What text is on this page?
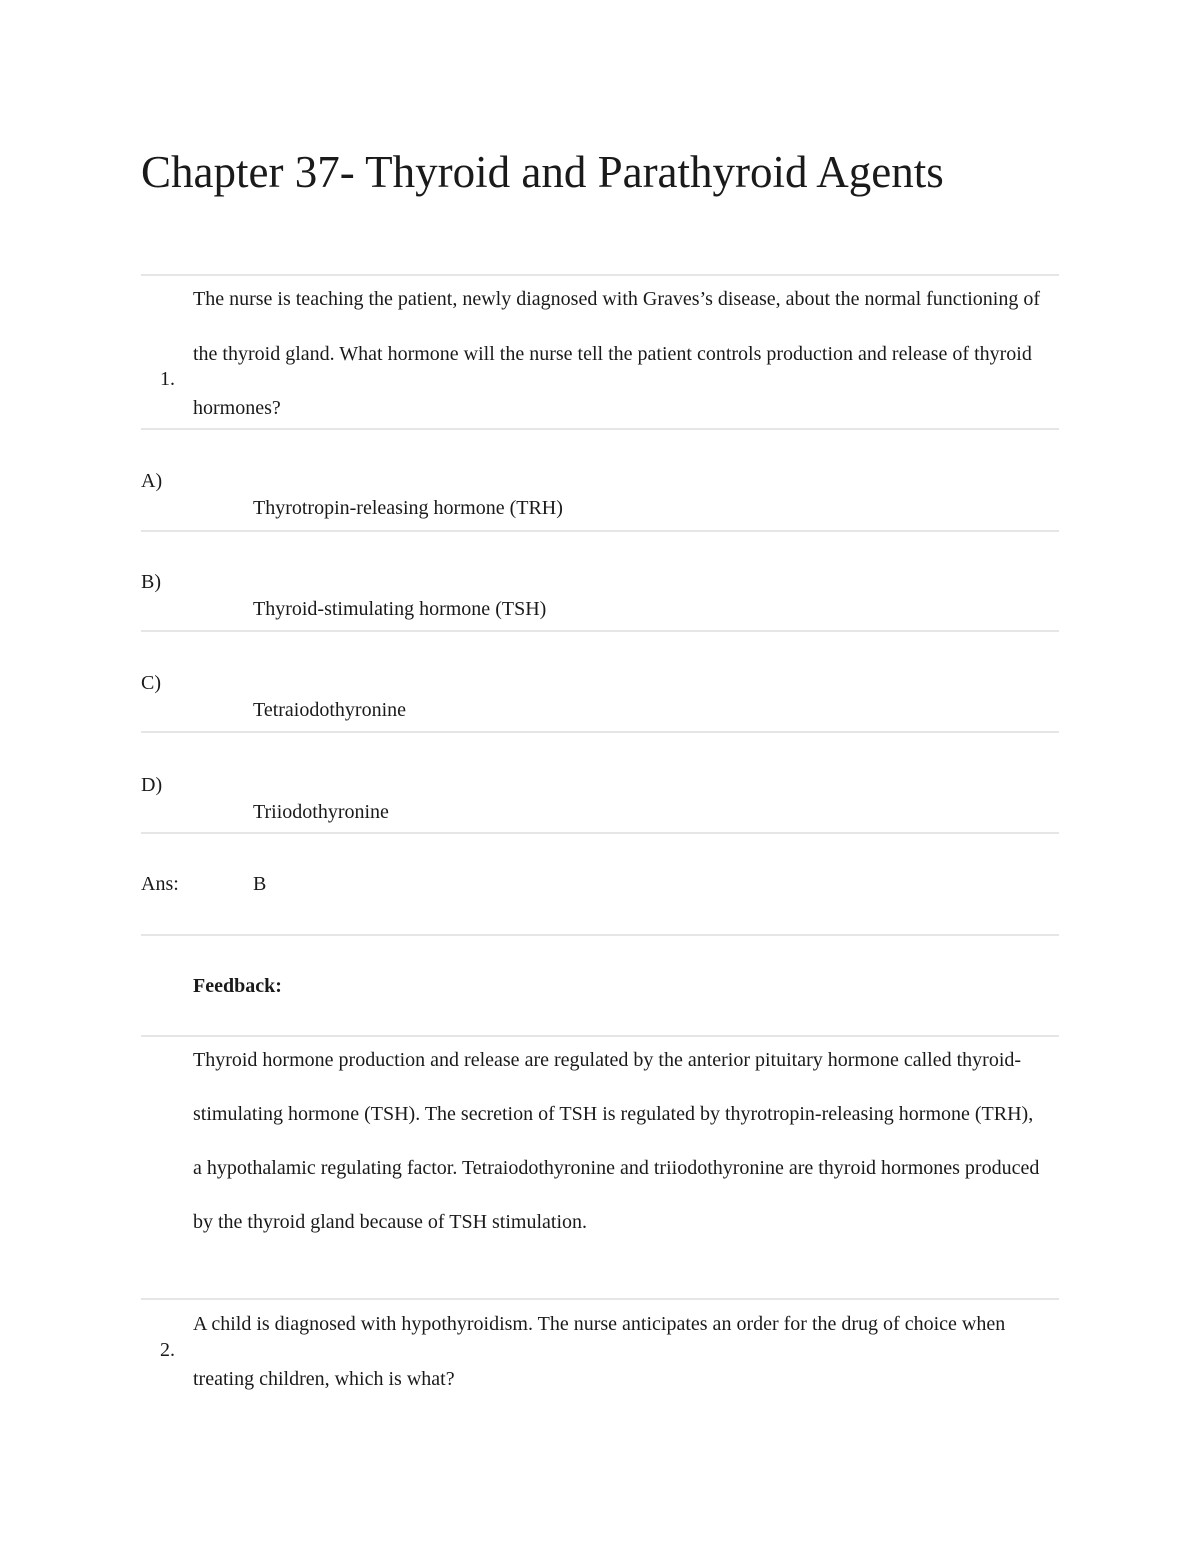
Chapter 37- Thyroid and Parathyroid Agents
1.
The nurse is teaching the patient, newly diagnosed with Graves’s disease, about the normal functioning of the thyroid gland. What hormone will the nurse tell the patient controls production and release of thyroid hormones?
A)
Thyrotropin-releasing hormone (TRH)
B)
Thyroid-stimulating hormone (TSH)
C)
Tetraiodothyronine
D)
Triiodothyronine
Ans:	B
Feedback:
Thyroid hormone production and release are regulated by the anterior pituitary hormone called thyroid-stimulating hormone (TSH). The secretion of TSH is regulated by thyrotropin-releasing hormone (TRH), a hypothalamic regulating factor. Tetraiodothyronine and triiodothyronine are thyroid hormones produced by the thyroid gland because of TSH stimulation.
2.
A child is diagnosed with hypothyroidism. The nurse anticipates an order for the drug of choice when treating children, which is what?
